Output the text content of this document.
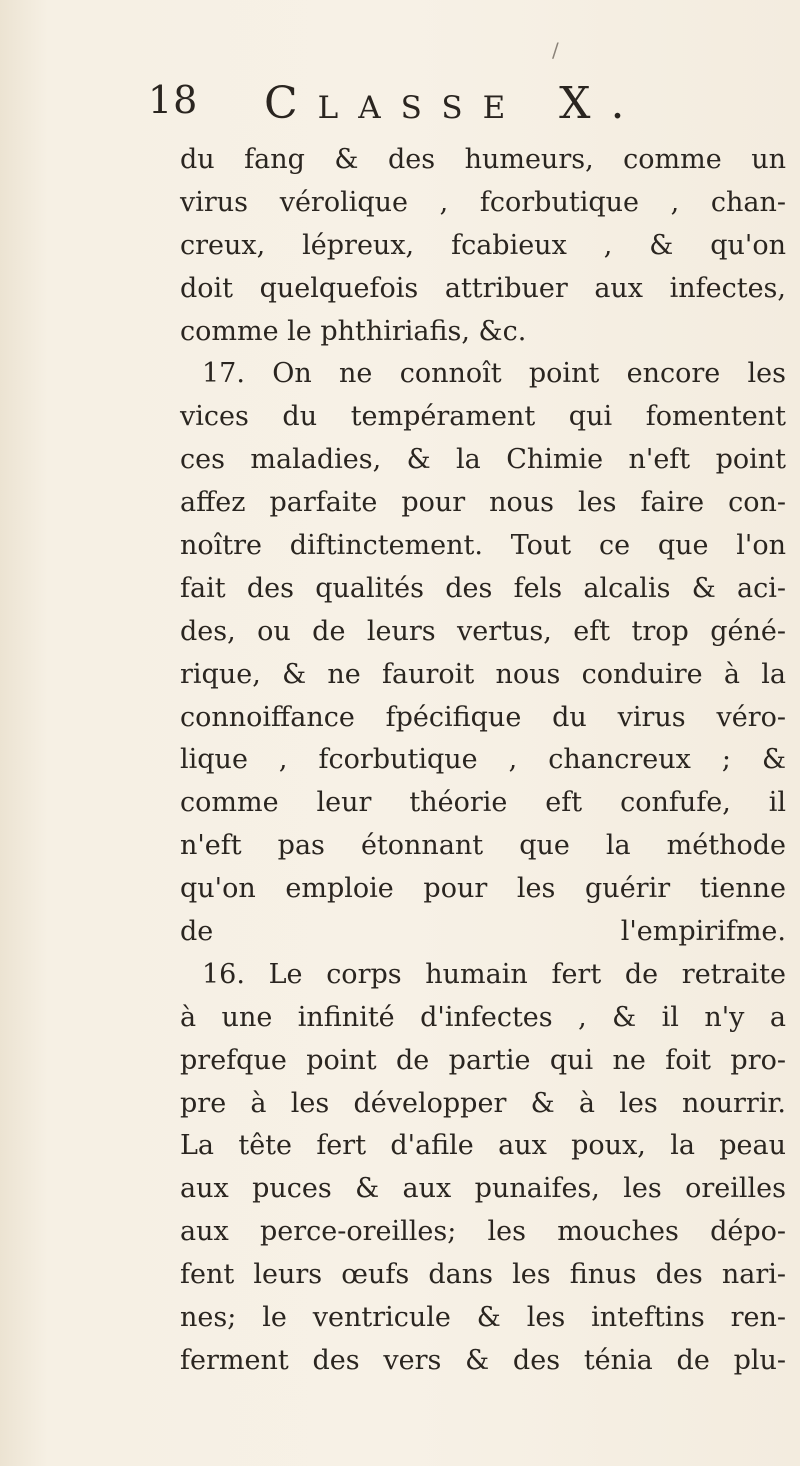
/
18 Classe X.
du fang & des humeurs, comme un
virus vérolique , fcorbutique , chan-
creux, lépreux, fcabieux , & qu'on
doit quelquefois attribuer aux infectes,
comme le phthiriafis, &c.
17. On ne connoît point encore les
vices du tempérament qui fomentent
ces maladies, & la Chimie n'eft point
affez parfaite pour nous les faire con-
noître diftinctement. Tout ce que l'on
fait des qualités des fels alcalis & aci-
des, ou de leurs vertus, eft trop géné-
rique, & ne fauroit nous conduire à la
connoiffance fpécifique du virus véro-
lique , fcorbutique , chancreux ; &
comme leur théorie eft confufe, il
n'eft pas étonnant que la méthode
qu'on emploie pour les guérir tienne
de l'empirifme.
16. Le corps humain fert de retraite
à une infinité d'infectes , & il n'y a
prefque point de partie qui ne foit pro-
pre à les développer & à les nourrir.
La tête fert d'afile aux poux, la peau
aux puces & aux punaifes, les oreilles
aux perce-oreilles; les mouches dépo-
fent leurs œufs dans les finus des nari-
nes; le ventricule & les inteftins ren-
ferment des vers & des ténia de plu-
